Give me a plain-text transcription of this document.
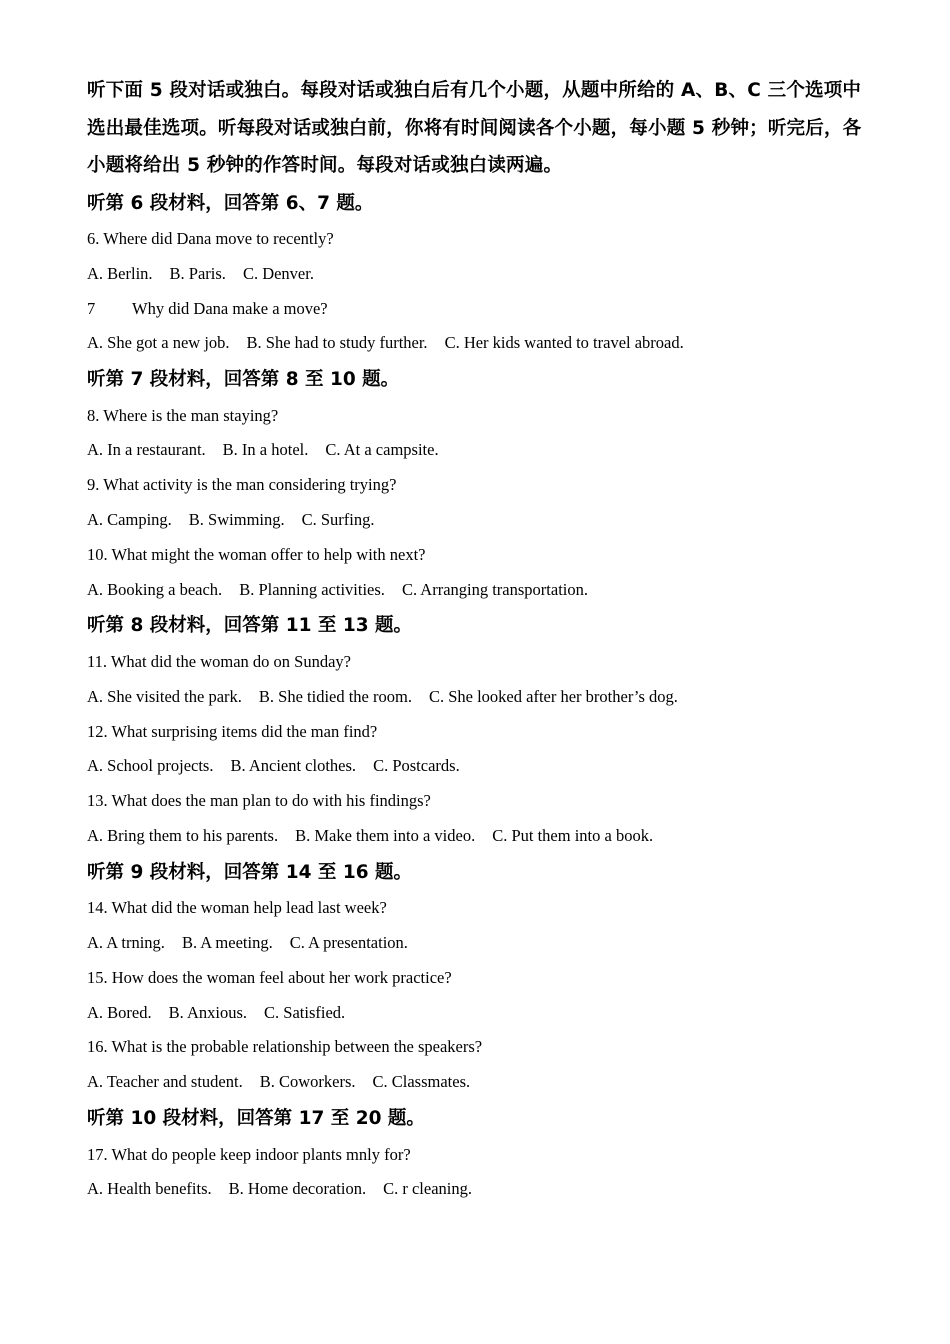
听下面 5 段对话或独白。每段对话或独白后有几个小题，从题中所给的 A、B、C 三个选项中选出最佳选项。听每段对话或独白前，你将有时间阅读各个小题，每小题 5 秒钟；听完后，各小题将给出 5 秒钟的作答时间。每段对话或独白读两遍。

听第 6 段材料，回答第 6、7 题。

6. Where did Dana move to recently?

A. Berlin. B. Paris. C. Denver.

7 Why did Dana make a move?

A. She got a new job. B. She had to study further. C. Her kids wanted to travel abroad.

听第 7 段材料，回答第 8 至 10 题。

8. Where is the man staying?

A. In a restaurant. B. In a hotel. C. At a campsite.

9. What activity is the man considering trying?

A. Camping. B. Swimming. C. Surfing.

10. What might the woman offer to help with next?

A. Booking a beach. B. Planning activities. C. Arranging transportation.

听第 8 段材料，回答第 11 至 13 题。

11. What did the woman do on Sunday?

A. She visited the park. B. She tidied the room. C. She looked after her brother’s dog.

12. What surprising items did the man find?

A. School projects. B. Ancient clothes. C. Postcards.

13. What does the man plan to do with his findings?

A. Bring them to his parents. B. Make them into a video. C. Put them into a book.

听第 9 段材料，回答第 14 至 16 题。

14. What did the woman help lead last week?

A. A trning. B. A meeting. C. A presentation.

15. How does the woman feel about her work practice?

A. Bored. B. Anxious. C. Satisfied.

16. What is the probable relationship between the speakers?

A. Teacher and student. B. Coworkers. C. Classmates.

听第 10 段材料，回答第 17 至 20 题。

17. What do people keep indoor plants mnly for?

A. Health benefits. B. Home decoration. C. r cleaning.
